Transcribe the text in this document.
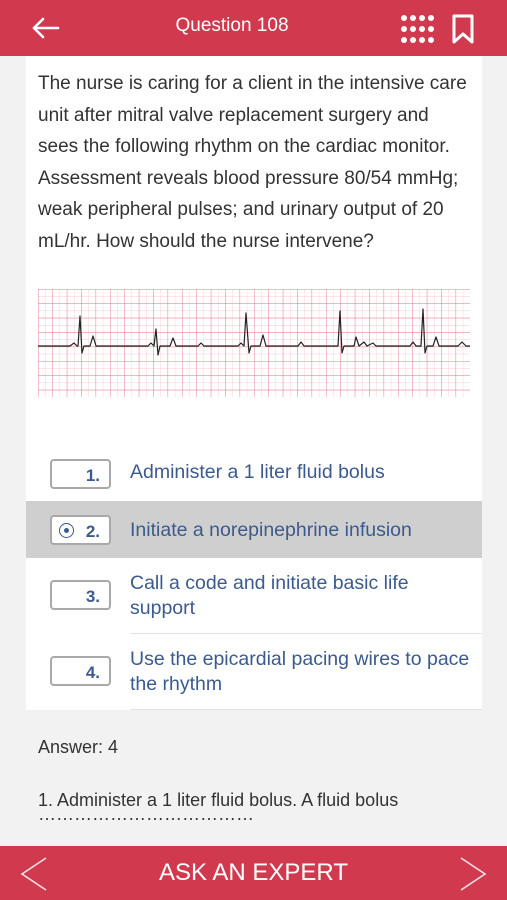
Question 108
The nurse is caring for a client in the intensive care unit after mitral valve replacement surgery and sees the following rhythm on the cardiac monitor. Assessment reveals blood pressure 80/54 mmHg; weak peripheral pulses; and urinary output of 20 mL/hr. How should the nurse intervene?
1. Administer a 1 liter fluid bolus
2. Initiate a norepinephrine infusion
3.
Call a code and initiate basic life support
4.
Use the epicardial pacing wires to pace the rhythm
Answer: 4
1. Administer a 1 liter fluid bolus. A fluid bolus
ASK AN EXPERT
